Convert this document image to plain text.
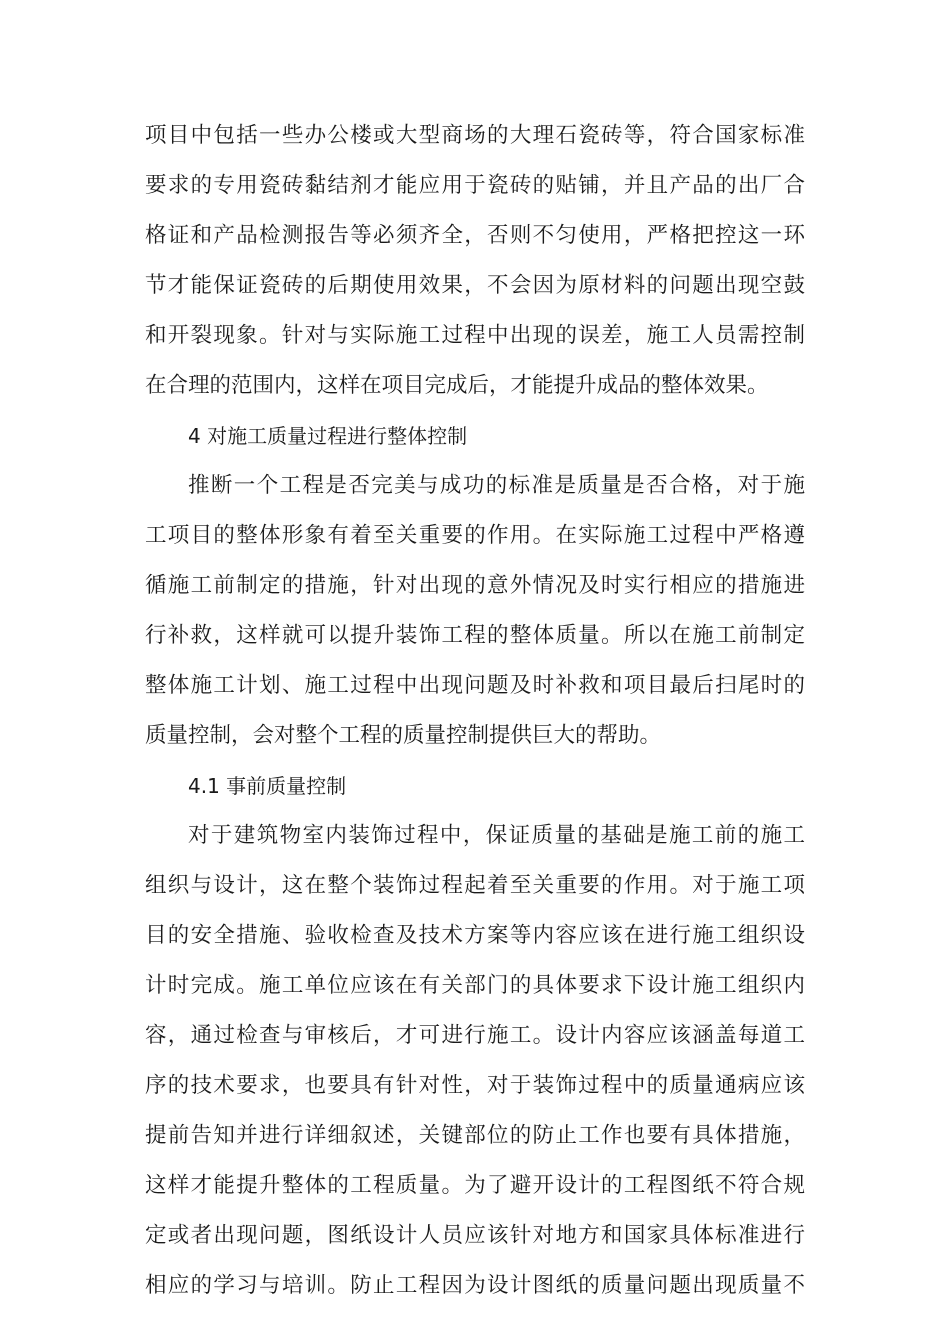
项目中包括一些办公楼或大型商场的大理石瓷砖等，符合国家标准
要求的专用瓷砖黏结剂才能应用于瓷砖的贴铺，并且产品的出厂合
格证和产品检测报告等必须齐全，否则不匀使用，严格把控这一环
节才能保证瓷砖的后期使用效果，不会因为原材料的问题出现空鼓
和开裂现象。针对与实际施工过程中出现的误差，施工人员需控制
在合理的范围内，这样在项目完成后，才能提升成品的整体效果。
4 对施工质量过程进行整体控制
推断一个工程是否完美与成功的标准是质量是否合格，对于施
工项目的整体形象有着至关重要的作用。在实际施工过程中严格遵
循施工前制定的措施，针对出现的意外情况及时实行相应的措施进
行补救，这样就可以提升装饰工程的整体质量。所以在施工前制定
整体施工计划、施工过程中出现问题及时补救和项目最后扫尾时的
质量控制，会对整个工程的质量控制提供巨大的帮助。
4.1 事前质量控制
对于建筑物室内装饰过程中，保证质量的基础是施工前的施工
组织与设计，这在整个装饰过程起着至关重要的作用。对于施工项
目的安全措施、验收检查及技术方案等内容应该在进行施工组织设
计时完成。施工单位应该在有关部门的具体要求下设计施工组织内
容，通过检查与审核后，才可进行施工。设计内容应该涵盖每道工
序的技术要求，也要具有针对性，对于装饰过程中的质量通病应该
提前告知并进行详细叙述，关键部位的防止工作也要有具体措施，
这样才能提升整体的工程质量。为了避开设计的工程图纸不符合规
定或者出现问题，图纸设计人员应该针对地方和国家具体标准进行
相应的学习与培训。防止工程因为设计图纸的质量问题出现质量不
